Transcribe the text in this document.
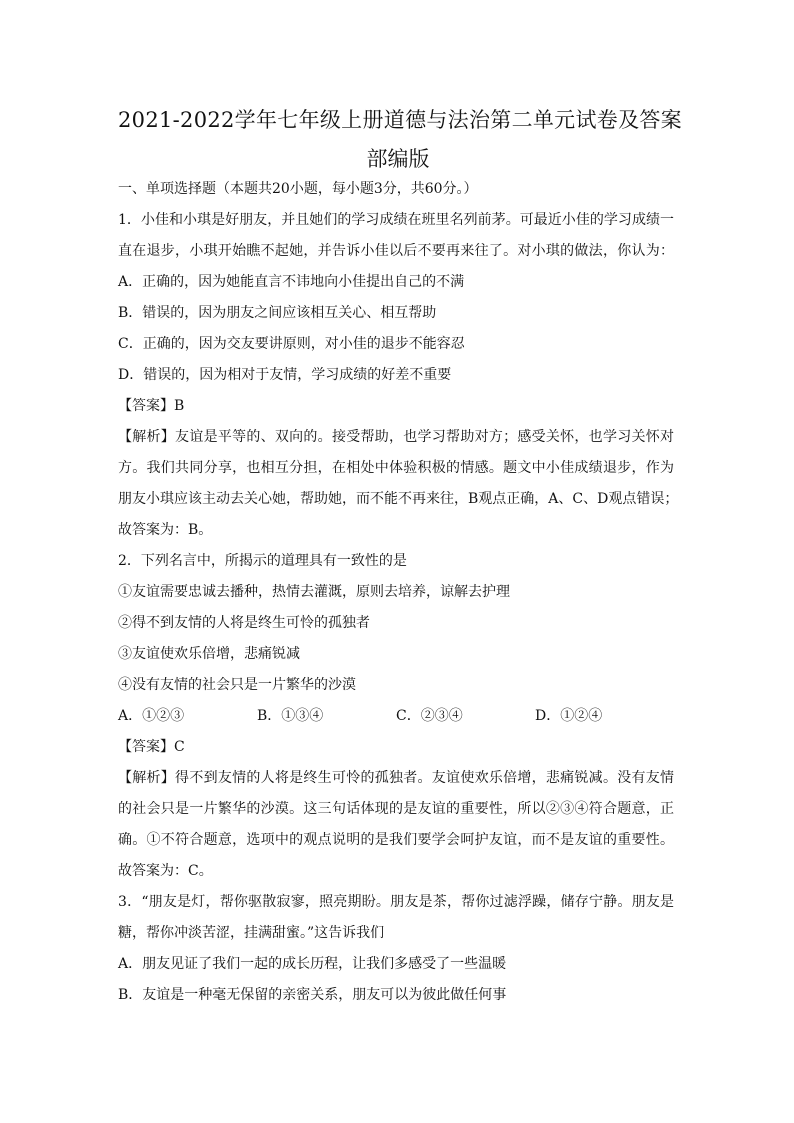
2021-2022学年七年级上册道德与法治第二单元试卷及答案
部编版
一、单项选择题（本题共20小题，每小题3分，共60分。）
1．小佳和小琪是好朋友，并且她们的学习成绩在班里名列前茅。可最近小佳的学习成绩一
直在退步，小琪开始瞧不起她，并告诉小佳以后不要再来往了。对小琪的做法，你认为：
A．正确的，因为她能直言不讳地向小佳提出自己的不满
B．错误的，因为朋友之间应该相互关心、相互帮助
C．正确的，因为交友要讲原则，对小佳的退步不能容忍
D．错误的，因为相对于友情，学习成绩的好差不重要
【答案】B
【解析】友谊是平等的、双向的。接受帮助，也学习帮助对方；感受关怀，也学习关怀对
方。我们共同分享，也相互分担，在相处中体验积极的情感。题文中小佳成绩退步，作为
朋友小琪应该主动去关心她，帮助她，而不能不再来往，B观点正确，A、C、D观点错误；
故答案为：B。
2．下列名言中，所揭示的道理具有一致性的是
①友谊需要忠诚去播种，热情去灌溉，原则去培养，谅解去护理
②得不到友情的人将是终生可怜的孤独者
③友谊使欢乐倍增，悲痛锐减
④没有友情的社会只是一片繁华的沙漠
A．①②③	B．①③④	C．②③④	D．①②④
【答案】C
【解析】得不到友情的人将是终生可怜的孤独者。友谊使欢乐倍增，悲痛锐减。没有友情
的社会只是一片繁华的沙漠。这三句话体现的是友谊的重要性，所以②③④符合题意，正
确。①不符合题意，选项中的观点说明的是我们要学会呵护友谊，而不是友谊的重要性。
故答案为：C。
3．“朋友是灯，帮你驱散寂寥，照亮期盼。朋友是茶，帮你过滤浮躁，储存宁静。朋友是
糖，帮你冲淡苦涩，挂满甜蜜。”这告诉我们
A．朋友见证了我们一起的成长历程，让我们多感受了一些温暖
B．友谊是一种毫无保留的亲密关系，朋友可以为彼此做任何事
